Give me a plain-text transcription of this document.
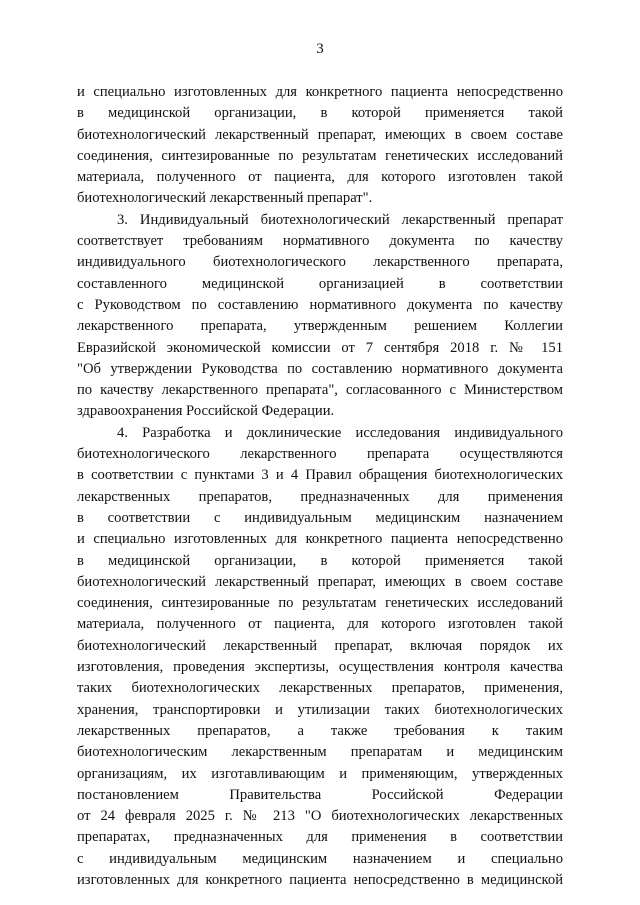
3
и специально изготовленных для конкретного пациента непосредственно
в медицинской организации, в которой применяется такой
биотехнологический лекарственный препарат, имеющих в своем составе
соединения, синтезированные по результатам генетических исследований
материала, полученного от пациента, для которого изготовлен такой
биотехнологический лекарственный препарат".
3. Индивидуальный биотехнологический лекарственный препарат
соответствует требованиям нормативного документа по качеству
индивидуального биотехнологического лекарственного препарата,
составленного медицинской организацией в соответствии
с Руководством по составлению нормативного документа по качеству
лекарственного препарата, утвержденным решением Коллегии
Евразийской экономической комиссии от 7 сентября 2018 г. № 151
"Об утверждении Руководства по составлению нормативного документа
по качеству лекарственного препарата", согласованного с Министерством
здравоохранения Российской Федерации.
4. Разработка и доклинические исследования индивидуального
биотехнологического лекарственного препарата осуществляются
в соответствии с пунктами 3 и 4 Правил обращения биотехнологических
лекарственных препаратов, предназначенных для применения
в соответствии с индивидуальным медицинским назначением
и специально изготовленных для конкретного пациента непосредственно
в медицинской организации, в которой применяется такой
биотехнологический лекарственный препарат, имеющих в своем составе
соединения, синтезированные по результатам генетических исследований
материала, полученного от пациента, для которого изготовлен такой
биотехнологический лекарственный препарат, включая порядок их
изготовления, проведения экспертизы, осуществления контроля качества
таких биотехнологических лекарственных препаратов, применения,
хранения, транспортировки и утилизации таких биотехнологических
лекарственных препаратов, а также требования к таким
биотехнологическим лекарственным препаратам и медицинским
организациям, их изготавливающим и применяющим, утвержденных
постановлением Правительства Российской Федерации
от 24 февраля 2025 г. № 213 "О биотехнологических лекарственных
препаратах, предназначенных для применения в соответствии
с индивидуальным медицинским назначением и специально
изготовленных для конкретного пациента непосредственно в медицинской
